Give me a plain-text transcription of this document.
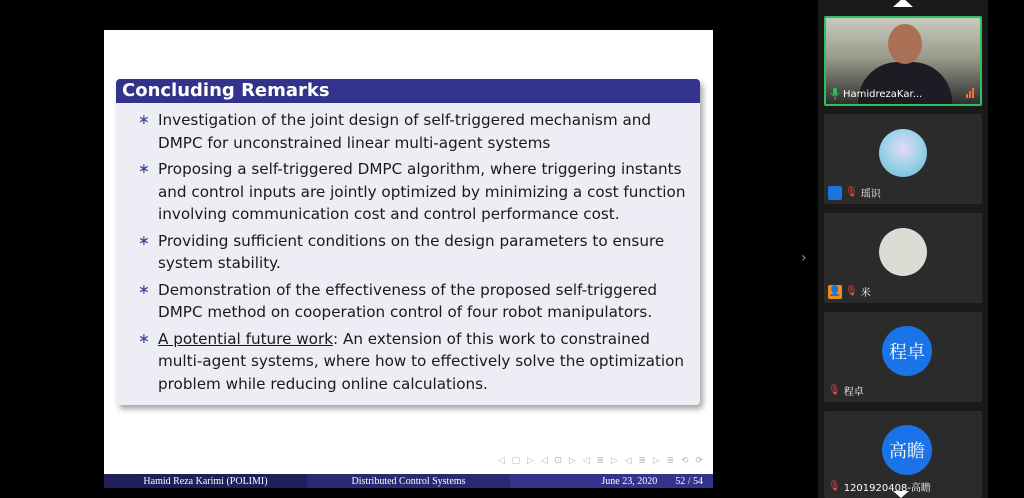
Concluding Remarks
∗ Investigation of the joint design of self-triggered mechanism and DMPC for unconstrained linear multi-agent systems
∗ Proposing a self-triggered DMPC algorithm, where triggering instants and control inputs are jointly optimized by minimizing a cost function involving communication cost and control performance cost.
∗ Providing sufficient conditions on the design parameters to ensure system stability.
∗ Demonstration of the effectiveness of the proposed self-triggered DMPC method on cooperation control of four robot manipulators.
∗ A potential future work: An extension of this work to constrained multi-agent systems, where how to effectively solve the optimization problem while reducing online calculations.
◁ ▢ ▷ ◁ ⊡ ▷ ◁ ≣ ▷ ◁ ≣ ▷ ≣ ⟲ ⟳
Hamid Reza Karimi (POLIMI)	Distributed Control Systems	June 23, 2020 52 / 54
›
HamidrezaKar...
👤 🎙 瑶识
👤 🎙 米
程卓
🎙 程卓
高瞻
🎙 1201920408-高瞻
